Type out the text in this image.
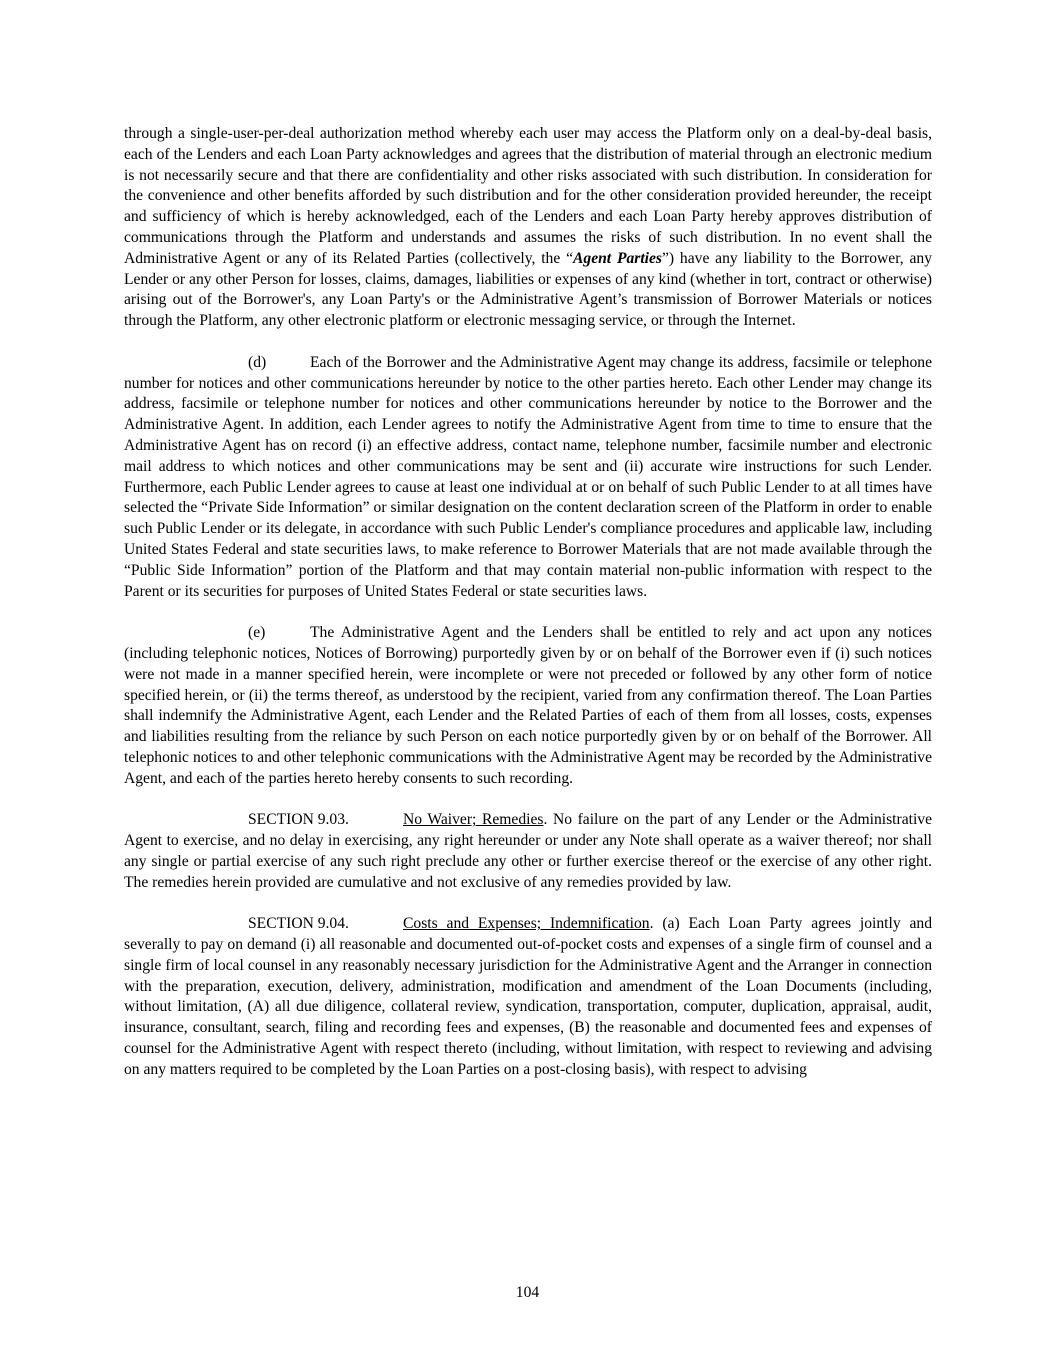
through a single-user-per-deal authorization method whereby each user may access the Platform only on a deal-by-deal basis, each of the Lenders and each Loan Party acknowledges and agrees that the distribution of material through an electronic medium is not necessarily secure and that there are confidentiality and other risks associated with such distribution. In consideration for the convenience and other benefits afforded by such distribution and for the other consideration provided hereunder, the receipt and sufficiency of which is hereby acknowledged, each of the Lenders and each Loan Party hereby approves distribution of communications through the Platform and understands and assumes the risks of such distribution. In no event shall the Administrative Agent or any of its Related Parties (collectively, the “Agent Parties”) have any liability to the Borrower, any Lender or any other Person for losses, claims, damages, liabilities or expenses of any kind (whether in tort, contract or otherwise) arising out of the Borrower's, any Loan Party's or the Administrative Agent’s transmission of Borrower Materials or notices through the Platform, any other electronic platform or electronic messaging service, or through the Internet.

(d)	Each of the Borrower and the Administrative Agent may change its address, facsimile or telephone number for notices and other communications hereunder by notice to the other parties hereto. Each other Lender may change its address, facsimile or telephone number for notices and other communications hereunder by notice to the Borrower and the Administrative Agent. In addition, each Lender agrees to notify the Administrative Agent from time to time to ensure that the Administrative Agent has on record (i) an effective address, contact name, telephone number, facsimile number and electronic mail address to which notices and other communications may be sent and (ii) accurate wire instructions for such Lender. Furthermore, each Public Lender agrees to cause at least one individual at or on behalf of such Public Lender to at all times have selected the “Private Side Information” or similar designation on the content declaration screen of the Platform in order to enable such Public Lender or its delegate, in accordance with such Public Lender's compliance procedures and applicable law, including United States Federal and state securities laws, to make reference to Borrower Materials that are not made available through the “Public Side Information” portion of the Platform and that may contain material non-public information with respect to the Parent or its securities for purposes of United States Federal or state securities laws.

(e)	The Administrative Agent and the Lenders shall be entitled to rely and act upon any notices (including telephonic notices, Notices of Borrowing) purportedly given by or on behalf of the Borrower even if (i) such notices were not made in a manner specified herein, were incomplete or were not preceded or followed by any other form of notice specified herein, or (ii) the terms thereof, as understood by the recipient, varied from any confirmation thereof. The Loan Parties shall indemnify the Administrative Agent, each Lender and the Related Parties of each of them from all losses, costs, expenses and liabilities resulting from the reliance by such Person on each notice purportedly given by or on behalf of the Borrower. All telephonic notices to and other telephonic communications with the Administrative Agent may be recorded by the Administrative Agent, and each of the parties hereto hereby consents to such recording.

SECTION 9.03.	No Waiver; Remedies. No failure on the part of any Lender or the Administrative Agent to exercise, and no delay in exercising, any right hereunder or under any Note shall operate as a waiver thereof; nor shall any single or partial exercise of any such right preclude any other or further exercise thereof or the exercise of any other right. The remedies herein provided are cumulative and not exclusive of any remedies provided by law.

SECTION 9.04.	Costs and Expenses; Indemnification. (a) Each Loan Party agrees jointly and severally to pay on demand (i) all reasonable and documented out-of-pocket costs and expenses of a single firm of counsel and a single firm of local counsel in any reasonably necessary jurisdiction for the Administrative Agent and the Arranger in connection with the preparation, execution, delivery, administration, modification and amendment of the Loan Documents (including, without limitation, (A) all due diligence, collateral review, syndication, transportation, computer, duplication, appraisal, audit, insurance, consultant, search, filing and recording fees and expenses, (B) the reasonable and documented fees and expenses of counsel for the Administrative Agent with respect thereto (including, without limitation, with respect to reviewing and advising on any matters required to be completed by the Loan Parties on a post-closing basis), with respect to advising

104
